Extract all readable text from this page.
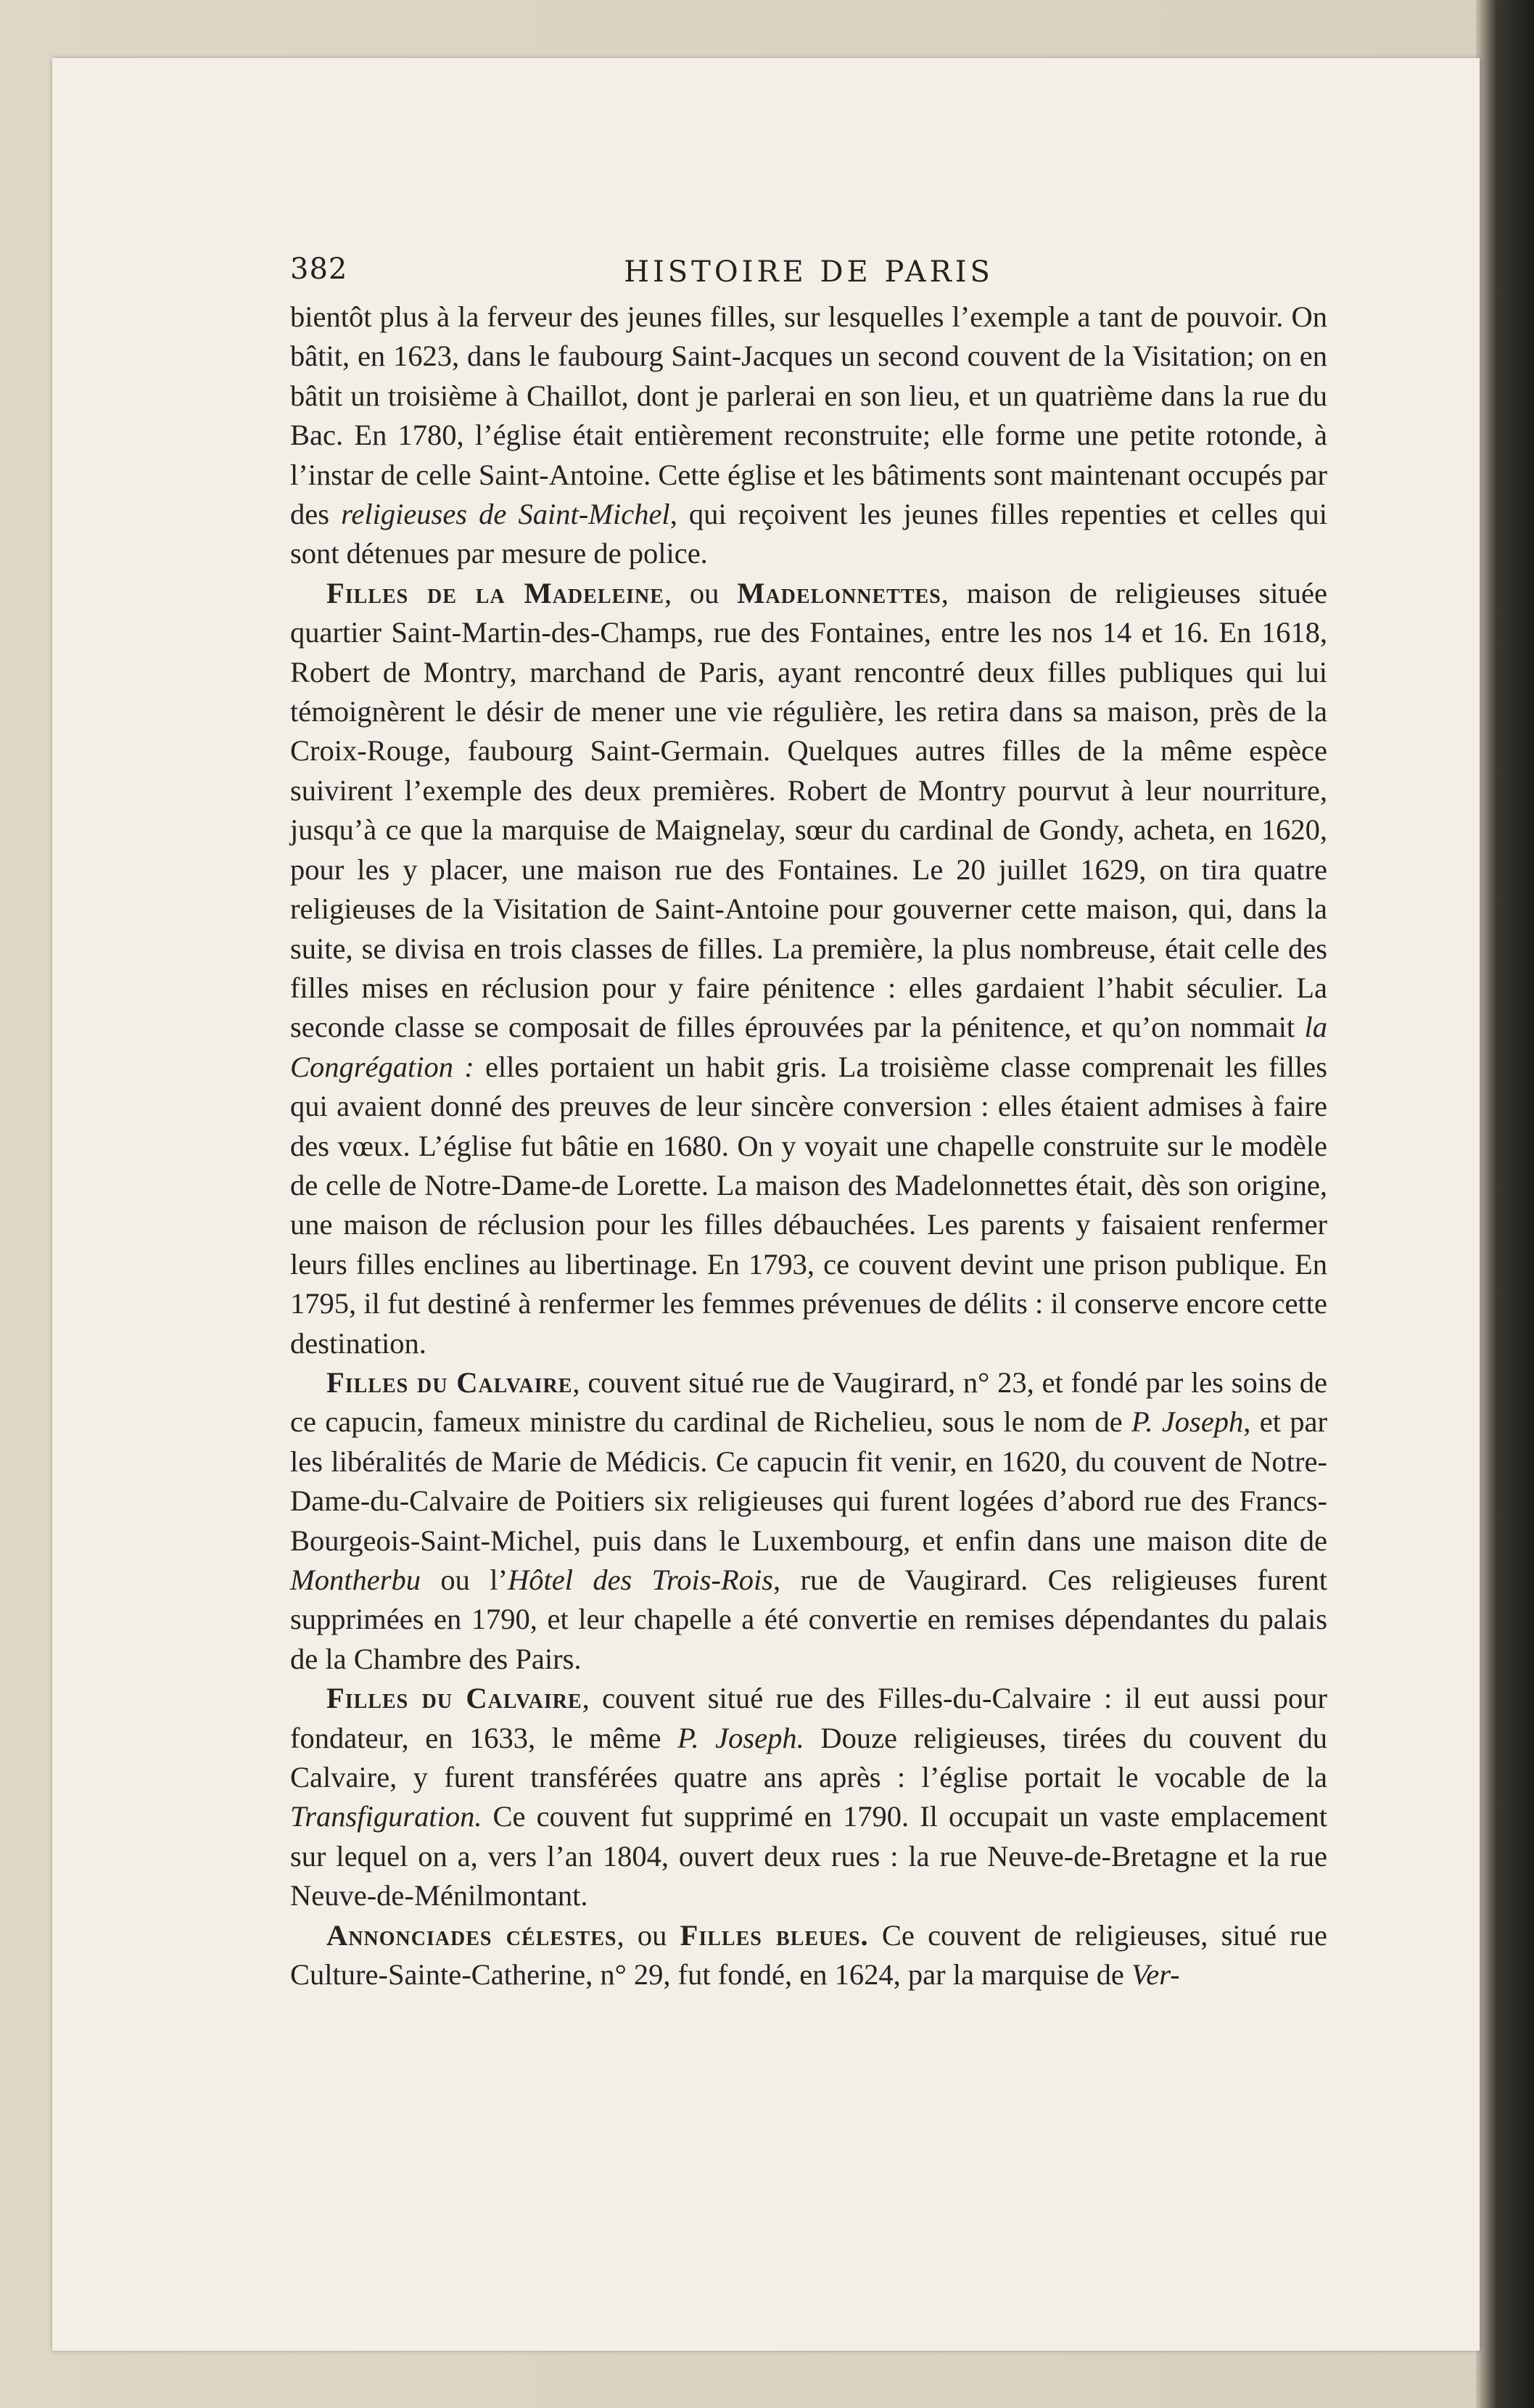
382	HISTOIRE DE PARIS

bientôt plus à la ferveur des jeunes filles, sur lesquelles l’exemple a tant de pouvoir. On bâtit, en 1623, dans le faubourg Saint-Jacques un second couvent de la Visitation; on en bâtit un troisième à Chaillot, dont je parlerai en son lieu, et un quatrième dans la rue du Bac. En 1780, l’église était entièrement reconstruite; elle forme une petite rotonde, à l’instar de celle Saint-Antoine. Cette église et les bâtiments sont maintenant occupés par des religieuses de Saint-Michel, qui reçoivent les jeunes filles repenties et celles qui sont détenues par mesure de police.

Filles de la Madeleine, ou Madelonnettes, maison de religieuses située quartier Saint-Martin-des-Champs, rue des Fontaines, entre les nos 14 et 16. En 1618, Robert de Montry, marchand de Paris, ayant rencontré deux filles publiques qui lui témoignèrent le désir de mener une vie régulière, les retira dans sa maison, près de la Croix-Rouge, faubourg Saint-Germain. Quelques autres filles de la même espèce suivirent l’exemple des deux premières. Robert de Montry pourvut à leur nourriture, jusqu’à ce que la marquise de Maignelay, sœur du cardinal de Gondy, acheta, en 1620, pour les y placer, une maison rue des Fontaines. Le 20 juillet 1629, on tira quatre religieuses de la Visitation de Saint-Antoine pour gouverner cette maison, qui, dans la suite, se divisa en trois classes de filles. La première, la plus nombreuse, était celle des filles mises en réclusion pour y faire pénitence : elles gardaient l’habit séculier. La seconde classe se composait de filles éprouvées par la pénitence, et qu’on nommait la Congrégation : elles portaient un habit gris. La troisième classe comprenait les filles qui avaient donné des preuves de leur sincère conversion : elles étaient admises à faire des vœux. L’église fut bâtie en 1680. On y voyait une chapelle construite sur le modèle de celle de Notre-Dame-de Lorette. La maison des Madelonnettes était, dès son origine, une maison de réclusion pour les filles débauchées. Les parents y faisaient renfermer leurs filles enclines au libertinage. En 1793, ce couvent devint une prison publique. En 1795, il fut destiné à renfermer les femmes prévenues de délits : il conserve encore cette destination.

Filles du Calvaire, couvent situé rue de Vaugirard, n° 23, et fondé par les soins de ce capucin, fameux ministre du cardinal de Richelieu, sous le nom de P. Joseph, et par les libéralités de Marie de Médicis. Ce capucin fit venir, en 1620, du couvent de Notre-Dame-du-Calvaire de Poitiers six religieuses qui furent logées d’abord rue des Francs-Bourgeois-Saint-Michel, puis dans le Luxembourg, et enfin dans une maison dite de Montherbu ou l’Hôtel des Trois-Rois, rue de Vaugirard. Ces religieuses furent supprimées en 1790, et leur chapelle a été convertie en remises dépendantes du palais de la Chambre des Pairs.

Filles du Calvaire, couvent situé rue des Filles-du-Calvaire : il eut aussi pour fondateur, en 1633, le même P. Joseph. Douze religieuses, tirées du couvent du Calvaire, y furent transférées quatre ans après : l’église portait le vocable de la Transfiguration. Ce couvent fut supprimé en 1790. Il occupait un vaste emplacement sur lequel on a, vers l’an 1804, ouvert deux rues : la rue Neuve-de-Bretagne et la rue Neuve-de-Ménilmontant.

Annonciades célestes, ou Filles bleues. Ce couvent de religieuses, situé rue Culture-Sainte-Catherine, n° 29, fut fondé, en 1624, par la marquise de Ver-
